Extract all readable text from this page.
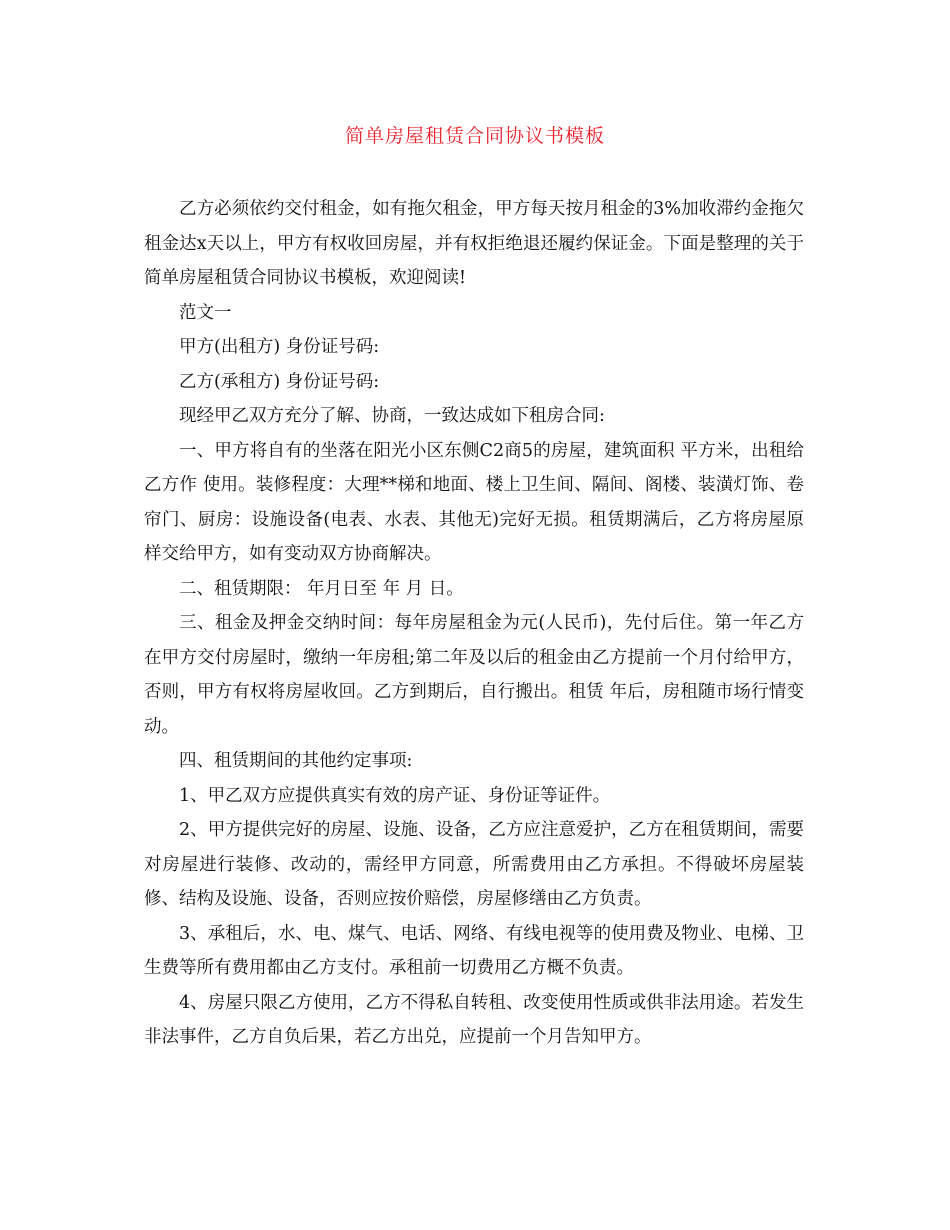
简单房屋租赁合同协议书模板

乙方必须依约交付租金，如有拖欠租金，甲方每天按月租金的3%加收滞约金拖欠租金达x天以上，甲方有权收回房屋，并有权拒绝退还履约保证金。下面是整理的关于简单房屋租赁合同协议书模板，欢迎阅读!

范文一

甲方(出租方) 身份证号码:

乙方(承租方) 身份证号码:

现经甲乙双方充分了解、协商，一致达成如下租房合同:

一、甲方将自有的坐落在阳光小区东侧C2商5的房屋，建筑面积 平方米，出租给乙方作 使用。装修程度：大理**梯和地面、楼上卫生间、隔间、阁楼、装潢灯饰、卷帘门、厨房：设施设备(电表、水表、其他无)完好无损。租赁期满后，乙方将房屋原样交给甲方，如有变动双方协商解决。

二、租赁期限： 年月日至 年 月 日。

三、租金及押金交纳时间：每年房屋租金为元(人民币)，先付后住。第一年乙方在甲方交付房屋时，缴纳一年房租;第二年及以后的租金由乙方提前一个月付给甲方，否则，甲方有权将房屋收回。乙方到期后，自行搬出。租赁 年后，房租随市场行情变动。

四、租赁期间的其他约定事项:

1、甲乙双方应提供真实有效的房产证、身份证等证件。

2、甲方提供完好的房屋、设施、设备，乙方应注意爱护，乙方在租赁期间，需要对房屋进行装修、改动的，需经甲方同意，所需费用由乙方承担。不得破坏房屋装修、结构及设施、设备，否则应按价赔偿，房屋修缮由乙方负责。

3、承租后，水、电、煤气、电话、网络、有线电视等的使用费及物业、电梯、卫生费等所有费用都由乙方支付。承租前一切费用乙方概不负责。

4、房屋只限乙方使用，乙方不得私自转租、改变使用性质或供非法用途。若发生非法事件，乙方自负后果，若乙方出兑，应提前一个月告知甲方。
